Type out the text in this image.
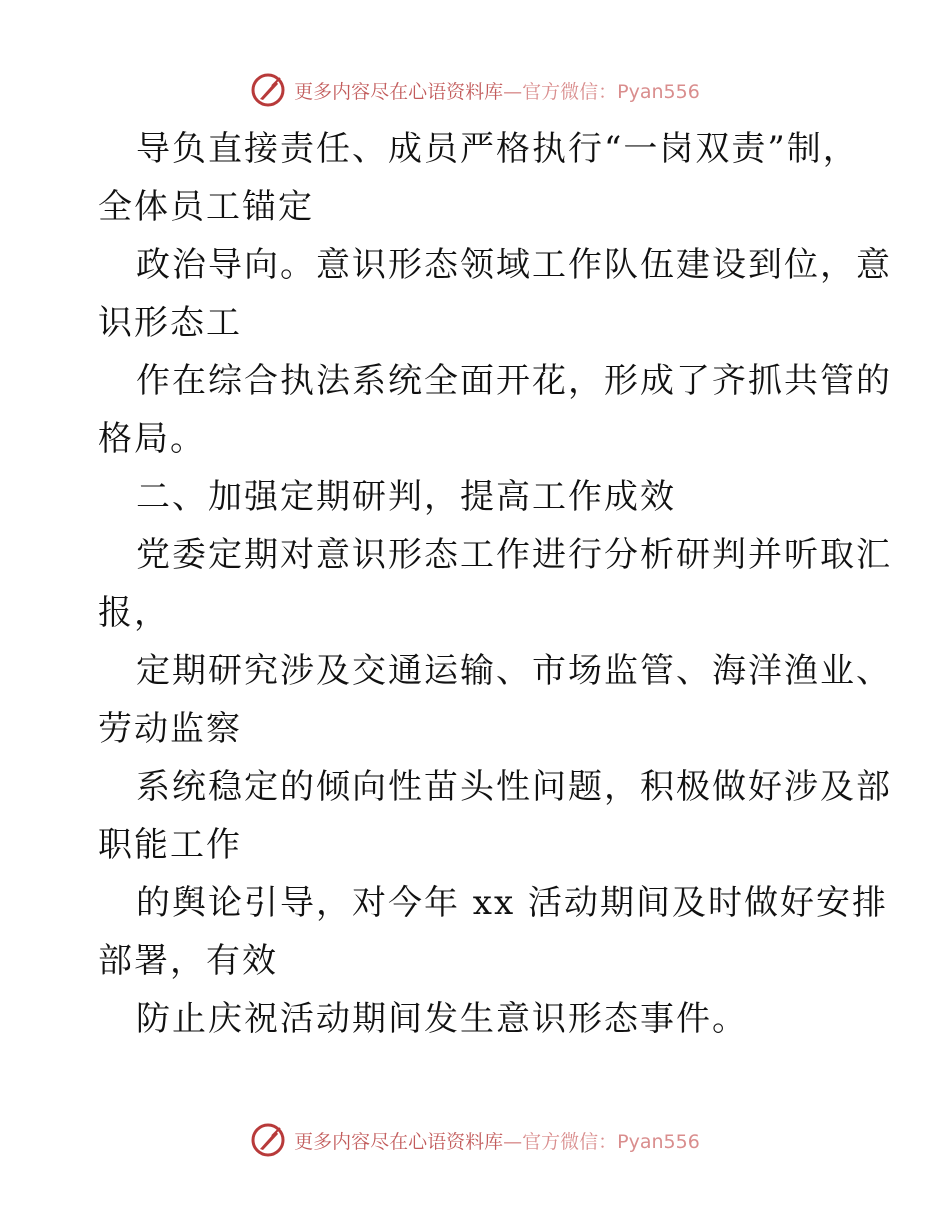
更多内容尽在心语资料库—官方微信：Pyan556
导负直接责任、成员严格执行“一岗双责”制，
全体员工锚定
政治导向。意识形态领域工作队伍建设到位，意
识形态工
作在综合执法系统全面开花，形成了齐抓共管的
格局。
二、加强定期研判，提高工作成效
党委定期对意识形态工作进行分析研判并听取汇
报，
定期研究涉及交通运输、市场监管、海洋渔业、
劳动监察
系统稳定的倾向性苗头性问题，积极做好涉及部
职能工作
的舆论引导，对今年 xx 活动期间及时做好安排
部署，有效
防止庆祝活动期间发生意识形态事件。
更多内容尽在心语资料库—官方微信：Pyan556
